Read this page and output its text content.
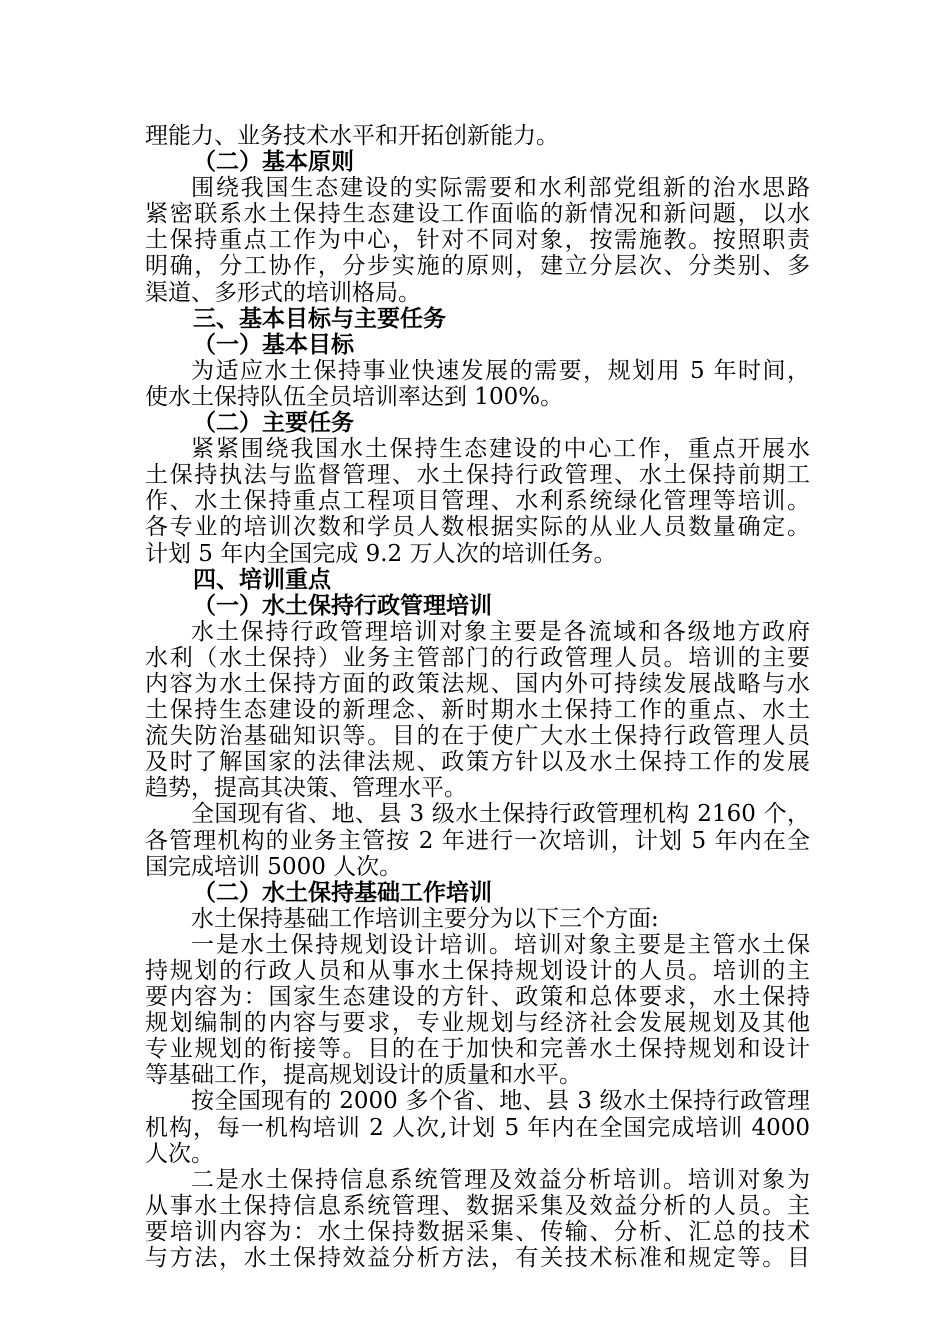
理能力、业务技术水平和开拓创新能力。
（二）基本原则
围绕我国生态建设的实际需要和水利部党组新的治水思路
紧密联系水土保持生态建设工作面临的新情况和新问题，以水
土保持重点工作为中心，针对不同对象，按需施教。按照职责
明确，分工协作，分步实施的原则，建立分层次、分类别、多
渠道、多形式的培训格局。
三、基本目标与主要任务
（一）基本目标
为适应水土保持事业快速发展的需要，规划用 5 年时间，
使水土保持队伍全员培训率达到 100%。
（二）主要任务
紧紧围绕我国水土保持生态建设的中心工作，重点开展水
土保持执法与监督管理、水土保持行政管理、水土保持前期工
作、水土保持重点工程项目管理、水利系统绿化管理等培训。
各专业的培训次数和学员人数根据实际的从业人员数量确定。
计划 5 年内全国完成 9.2 万人次的培训任务。
四、培训重点
（一）水土保持行政管理培训
水土保持行政管理培训对象主要是各流域和各级地方政府
水利（水土保持）业务主管部门的行政管理人员。培训的主要
内容为水土保持方面的政策法规、国内外可持续发展战略与水
土保持生态建设的新理念、新时期水土保持工作的重点、水土
流失防治基础知识等。目的在于使广大水土保持行政管理人员
及时了解国家的法律法规、政策方针以及水土保持工作的发展
趋势，提高其决策、管理水平。
全国现有省、地、县 3 级水土保持行政管理机构 2160 个，
各管理机构的业务主管按 2 年进行一次培训，计划 5 年内在全
国完成培训 5000 人次。
（二）水土保持基础工作培训
水土保持基础工作培训主要分为以下三个方面:
一是水土保持规划设计培训。培训对象主要是主管水土保
持规划的行政人员和从事水土保持规划设计的人员。培训的主
要内容为：国家生态建设的方针、政策和总体要求，水土保持
规划编制的内容与要求，专业规划与经济社会发展规划及其他
专业规划的衔接等。目的在于加快和完善水土保持规划和设计
等基础工作，提高规划设计的质量和水平。
按全国现有的 2000 多个省、地、县 3 级水土保持行政管理
机构，每一机构培训 2 人次,计划 5 年内在全国完成培训 4000
人次。
二是水土保持信息系统管理及效益分析培训。培训对象为
从事水土保持信息系统管理、数据采集及效益分析的人员。主
要培训内容为：水土保持数据采集、传输、分析、汇总的技术
与方法，水土保持效益分析方法，有关技术标准和规定等。目
